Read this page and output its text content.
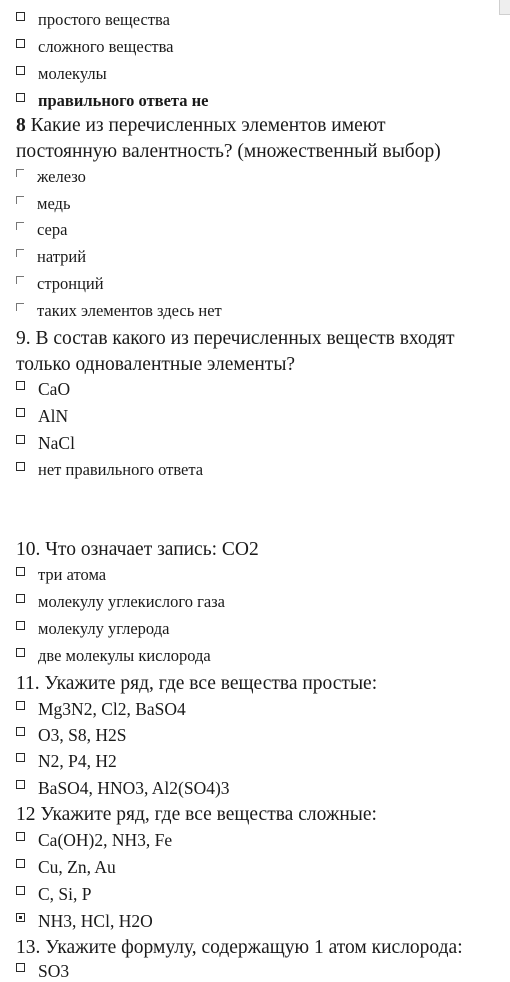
простого вещества
сложного вещества
молекулы
правильного ответа не
8 Какие из перечисленных элементов имеют
постоянную валентность? (множественный выбор)
железо
медь
сера
натрий
стронций
таких элементов здесь нет
9. В состав какого из перечисленных веществ входят
только одновалентные элементы?
CaO
AlN
NaCl
нет правильного ответа
10. Что означает запись: CO2
три атома
молекулу углекислого газа
молекулу углерода
две молекулы кислорода
11. Укажите ряд, где все вещества простые:
Mg3N2, Cl2, BaSO4
O3, S8, H2S
N2, P4, H2
BaSO4, HNO3, Al2(SO4)3
12 Укажите ряд, где все вещества сложные:
Ca(OH)2, NH3, Fe
Cu, Zn, Au
C, Si, P
NH3, HCl, H2O
13. Укажите формулу, содержащую 1 атом кислорода:
SO3
